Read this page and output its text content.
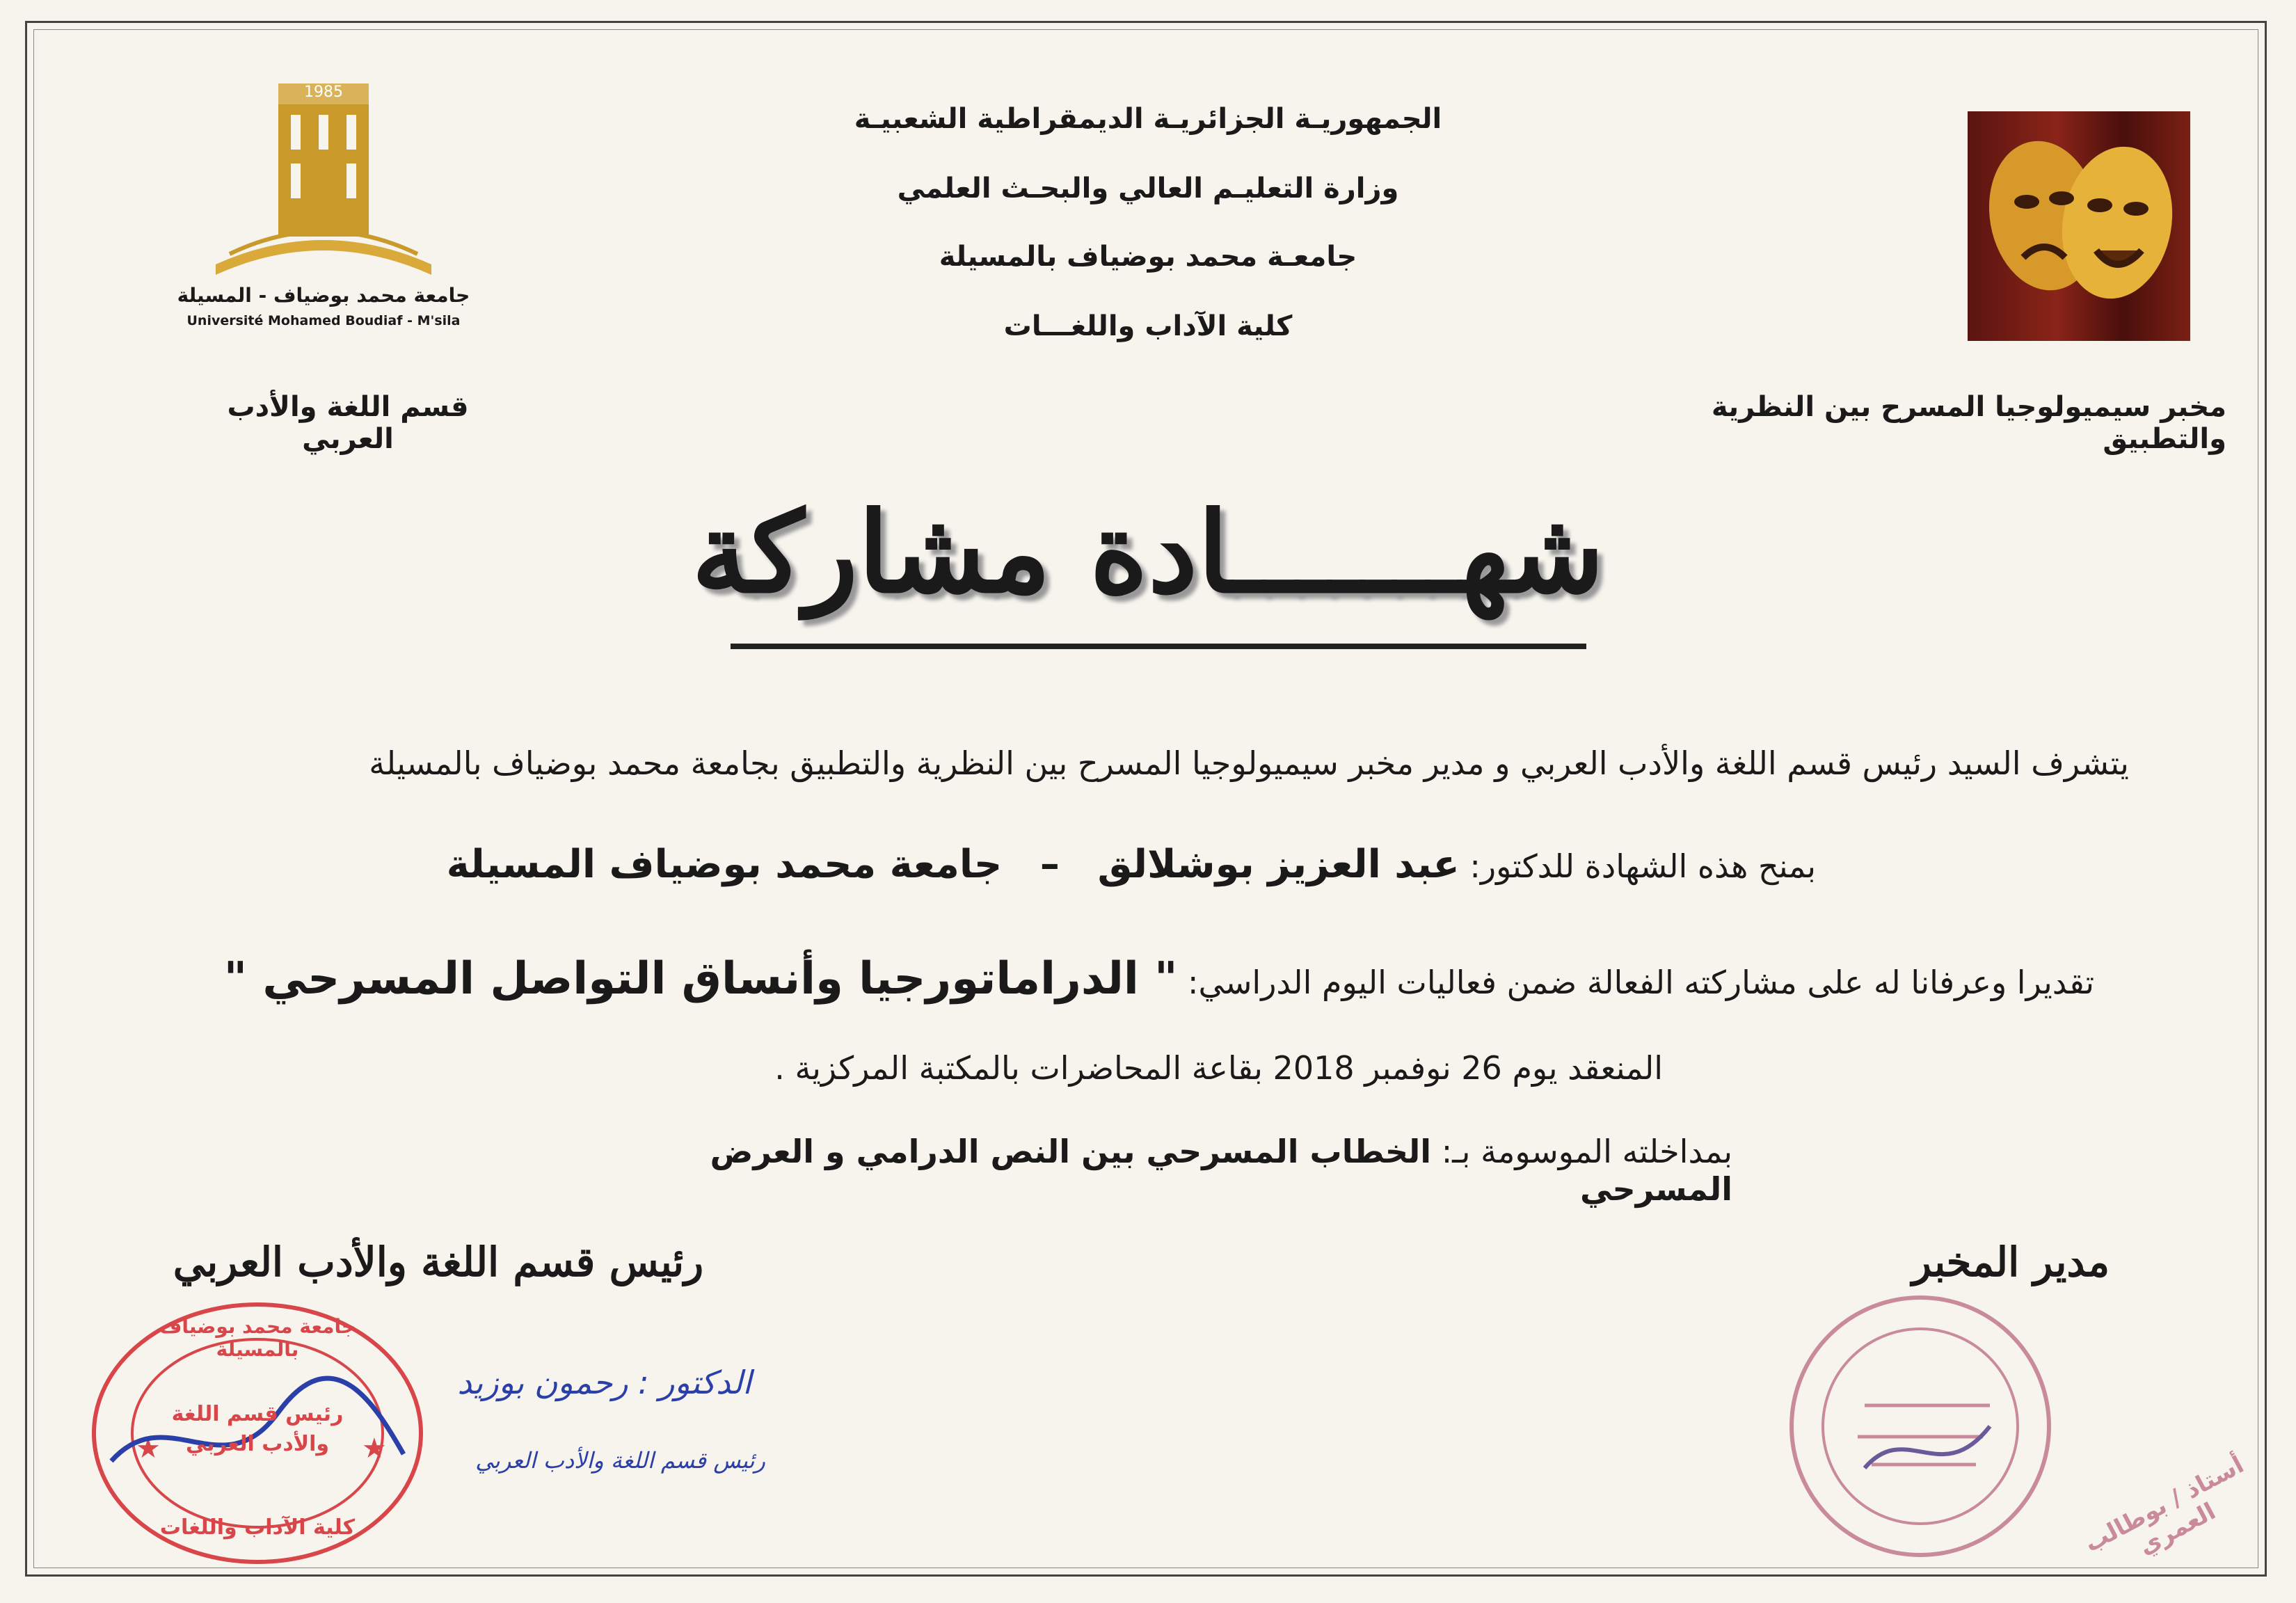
1985
جامعة محمد بوضياف - المسيلة
Université Mohamed Boudiaf - M'sila
الجمهوريـة الجزائريـة الديمقراطية الشعبيـة
وزارة التعليـم العالي والبحـث العلمي
جامعـة محمد بوضياف بالمسيلة
كلية الآداب واللغـــات
قسم اللغة والأدب العربي
مخبر سيميولوجيا المسرح بين النظرية والتطبيق
شهـــــــادة مشاركة
يتشرف السيد رئيس قسم اللغة والأدب العربي و مدير مخبر سيميولوجيا المسرح بين النظرية والتطبيق بجامعة محمد بوضياف بالمسيلة
بمنح هذه الشهادة للدكتور: عبد العزيز بوشلالق – جامعة محمد بوضياف المسيلة
تقديرا وعرفانا له على مشاركته الفعالة ضمن فعاليات اليوم الدراسي: " الدراماتورجيا وأنساق التواصل المسرحي "
المنعقد يوم 26 نوفمبر 2018 بقاعة المحاضرات بالمكتبة المركزية .
بمداخلته الموسومة بـ: الخطاب المسرحي بين النص الدرامي و العرض المسرحي
رئيس قسم اللغة والأدب العربي	مدير المخبر
★	★
جامعة محمد بوضياف بالمسيلة
رئيس قسم اللغة
والأدب العربي
كلية الآداب واللغات
الدكتور : رحمون بوزيد
رئيس قسم اللغة والأدب العربي	أستاذ / بوطالب العمري
